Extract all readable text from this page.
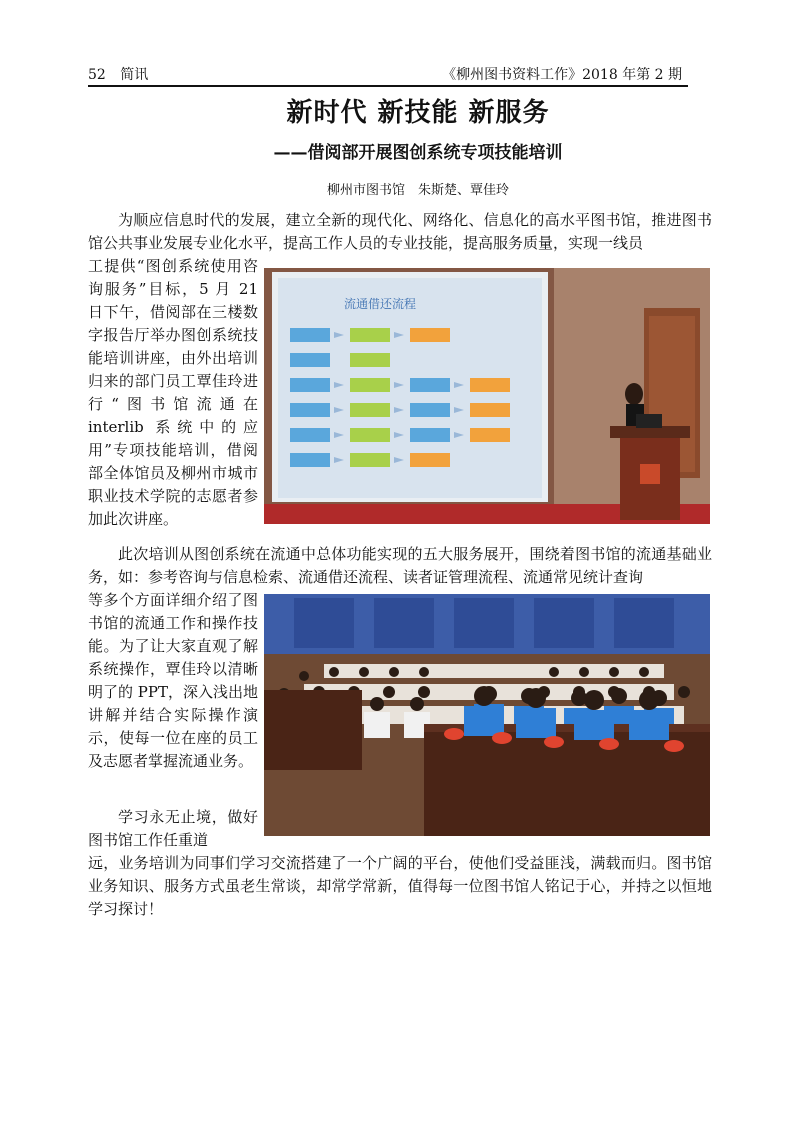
52 简讯	《柳州图书资料工作》2018 年第 2 期
新时代 新技能 新服务
——借阅部开展图创系统专项技能培训
柳州市图书馆　朱斯楚、覃佳玲
为顺应信息时代的发展，建立全新的现代化、网络化、信息化的高水平图书馆，推进图书馆公共事业发展专业化水平，提高工作人员的专业技能，提高服务质量，实现一线员
工提供“图创系统使用咨询服务”目标，5 月 21 日下午，借阅部在三楼数字报告厅举办图创系统技能培训讲座，由外出培训归来的部门员工覃佳玲进行“图书馆流通在 interlib 系统中的应用”专项技能培训，借阅部全体馆员及柳州市城市职业技术学院的志愿者参加此次讲座。
流通借还流程
此次培训从图创系统在流通中总体功能实现的五大服务展开，围绕着图书馆的流通基础业务，如：参考咨询与信息检索、流通借还流程、读者证管理流程、流通常见统计查询
等多个方面详细介绍了图书馆的流通工作和操作技能。为了让大家直观了解系统操作，覃佳玲以清晰明了的 PPT，深入浅出地讲解并结合实际操作演示，使每一位在座的员工及志愿者掌握流通业务。
学习永无止境，做好图书馆工作任重道
远，业务培训为同事们学习交流搭建了一个广阔的平台，使他们受益匪浅，满载而归。图书馆业务知识、服务方式虽老生常谈，却常学常新，值得每一位图书馆人铭记于心，并持之以恒地学习探讨！
